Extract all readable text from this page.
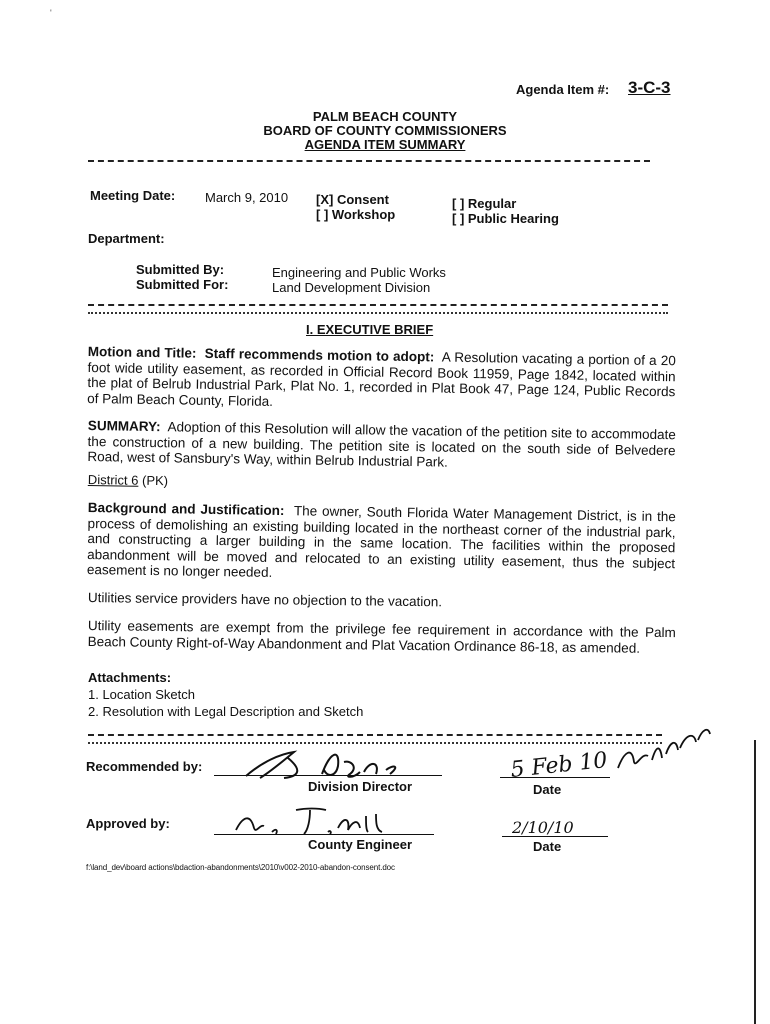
'
Agenda Item #: 3-C-3
PALM BEACH COUNTY
BOARD OF COUNTY COMMISSIONERS
AGENDA ITEM SUMMARY
Meeting Date: March 9, 2010 [X] Consent
[ ] Workshop
[ ] Regular
[ ] Public Hearing
Department:
Submitted By:	Engineering and Public Works
Submitted For:	Land Development Division
I. EXECUTIVE BRIEF
Motion and Title: Staff recommends motion to adopt: A Resolution vacating a portion of a 20 foot wide utility easement, as recorded in Official Record Book 11959, Page 1842, located within the plat of Belrub Industrial Park, Plat No. 1, recorded in Plat Book 47, Page 124, Public Records of Palm Beach County, Florida.
SUMMARY: Adoption of this Resolution will allow the vacation of the petition site to accommodate the construction of a new building. The petition site is located on the south side of Belvedere Road, west of Sansbury's Way, within Belrub Industrial Park.
District 6 (PK)
Background and Justification: The owner, South Florida Water Management District, is in the process of demolishing an existing building located in the northeast corner of the industrial park, and constructing a larger building in the same location. The facilities within the proposed abandonment will be moved and relocated to an existing utility easement, thus the subject easement is no longer needed.
Utilities service providers have no objection to the vacation.
Utility easements are exempt from the privilege fee requirement in accordance with the Palm Beach County Right-of-Way Abandonment and Plat Vacation Ordinance 86-18, as amended.
Attachments:
1. Location Sketch
2. Resolution with Legal Description and Sketch
Recommended by:
Division Director	Date
5 Feb 10
Approved by:
County Engineer	Date
2/10/10
f:\land_dev\board actions\bdaction-abandonments\2010\v002-2010-abandon-consent.doc
